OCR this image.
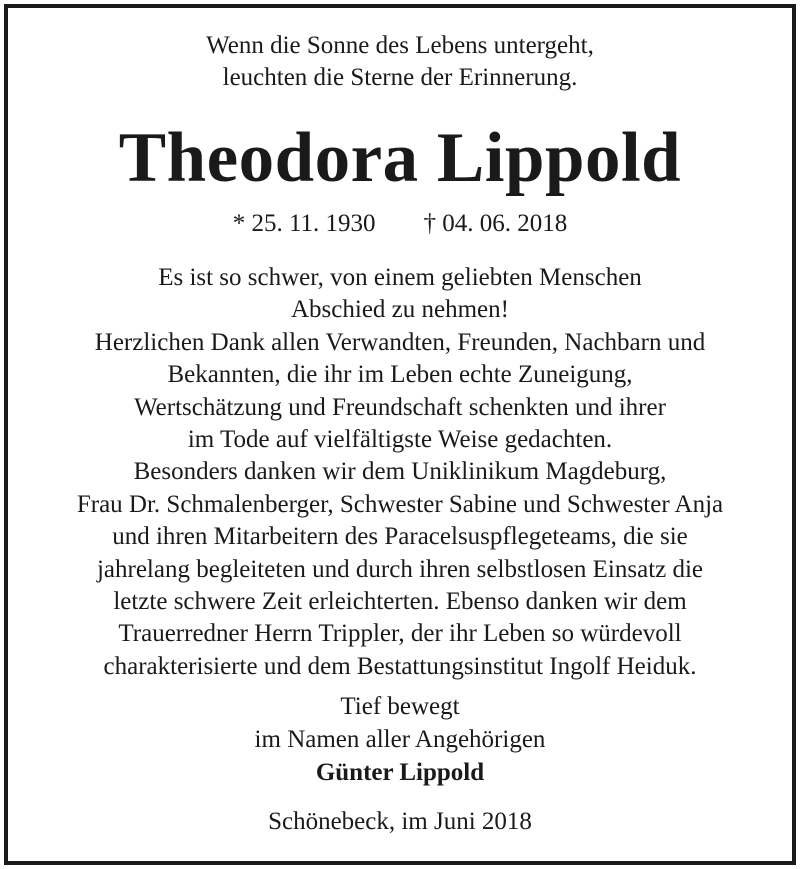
Wenn die Sonne des Lebens untergeht,
leuchten die Sterne der Erinnerung.
Theodora Lippold
* 25. 11. 1930 † 04. 06. 2018
Es ist so schwer, von einem geliebten Menschen
Abschied zu nehmen!
Herzlichen Dank allen Verwandten, Freunden, Nachbarn und
Bekannten, die ihr im Leben echte Zuneigung,
Wertschätzung und Freundschaft schenkten und ihrer
im Tode auf vielfältigste Weise gedachten.
Besonders danken wir dem Uniklinikum Magdeburg,
Frau Dr. Schmalenberger, Schwester Sabine und Schwester Anja
und ihren Mitarbeitern des Paracelsuspflegeteams, die sie
jahrelang begleiteten und durch ihren selbstlosen Einsatz die
letzte schwere Zeit erleichterten. Ebenso danken wir dem
Trauerredner Herrn Trippler, der ihr Leben so würdevoll
charakterisierte und dem Bestattungsinstitut Ingolf Heiduk.
Tief bewegt
im Namen aller Angehörigen
Günter Lippold
Schönebeck, im Juni 2018
